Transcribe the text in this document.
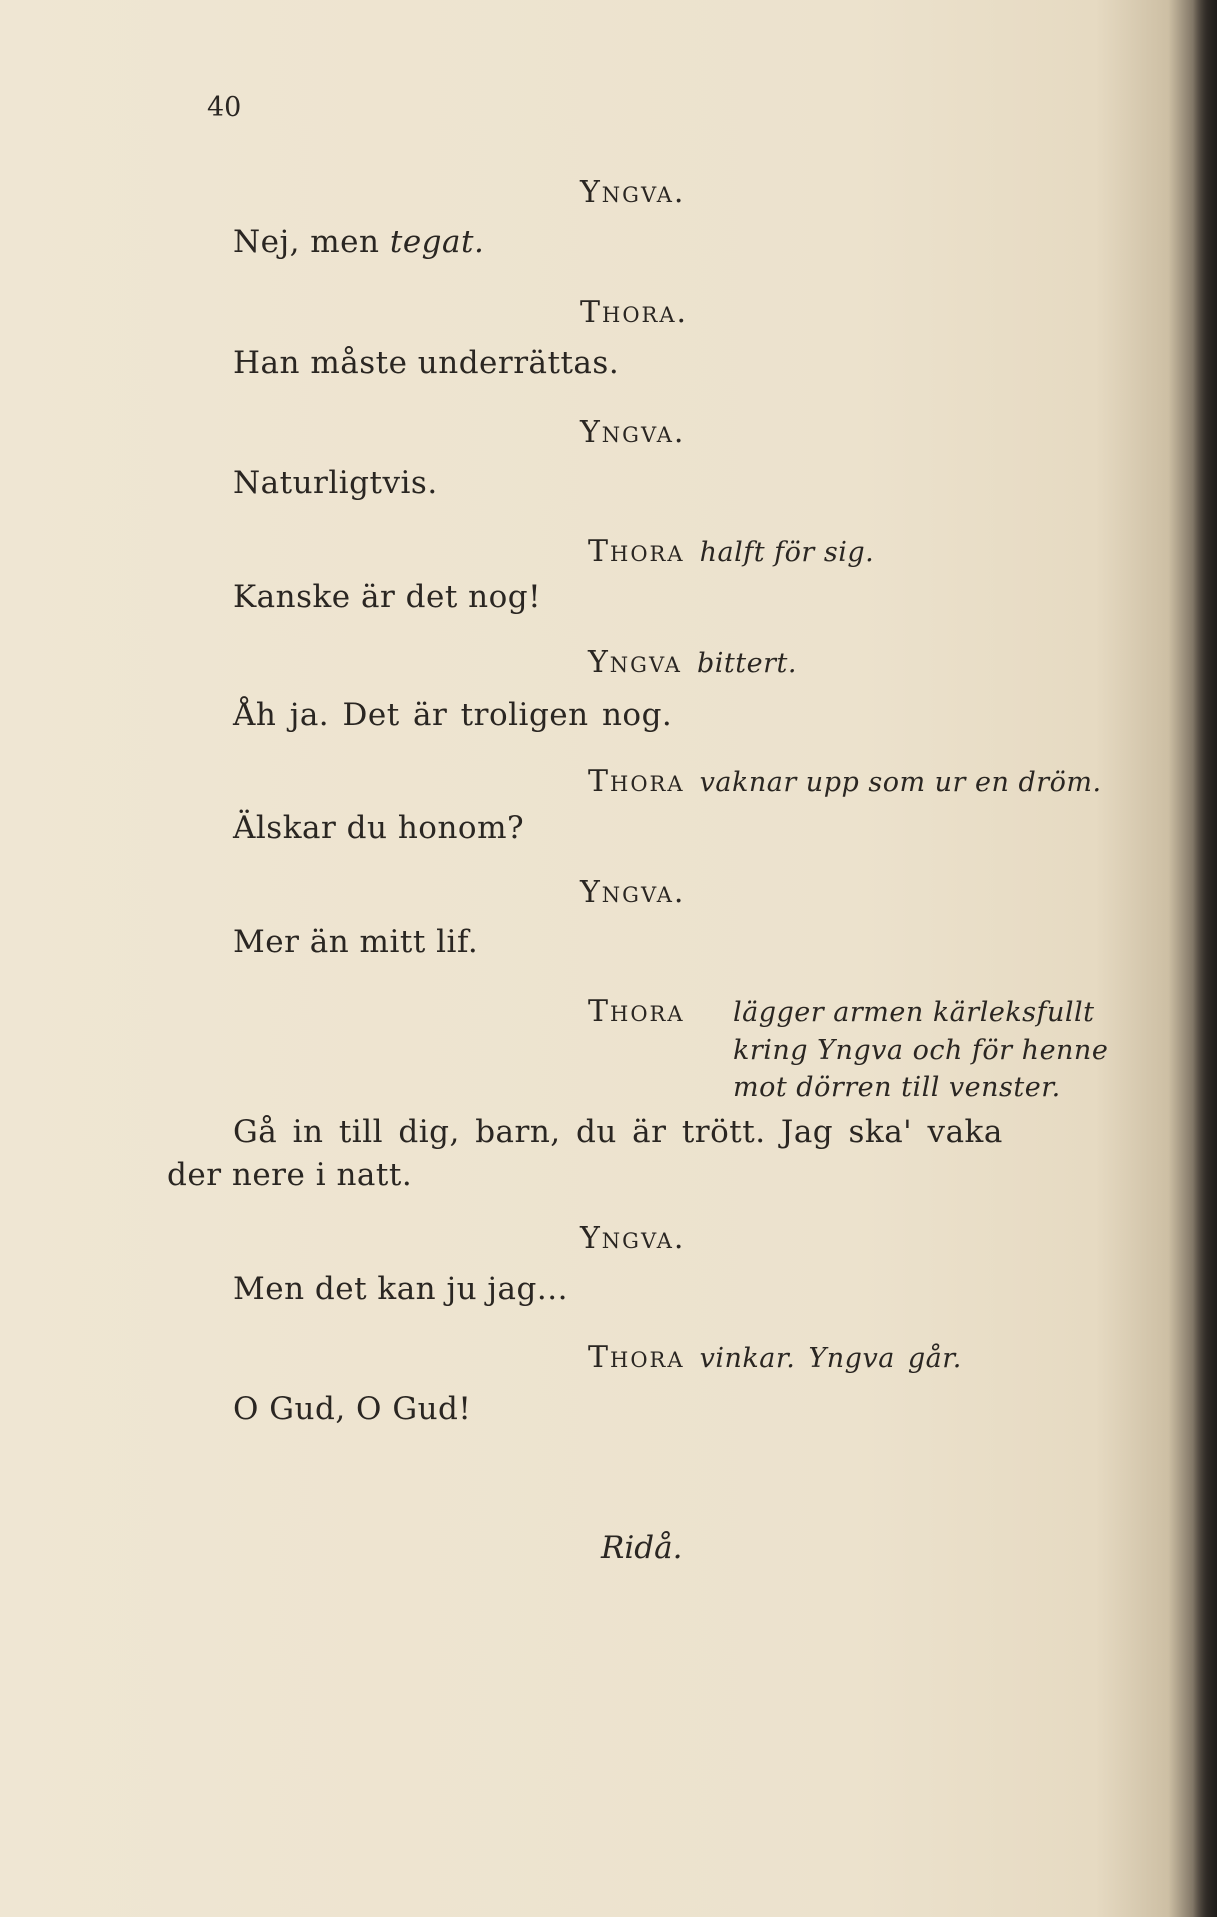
40
Yngva.
Nej, men tegat.
Thora.
Han måste underrättas.
Yngva.
Naturligtvis.
Thora halft för sig.
Kanske är det nog!
Yngva bittert.
Åh ja. Det är troligen nog.
Thora vaknar upp som ur en dröm.
Älskar du honom?
Yngva.
Mer än mitt lif.
Thora lägger armen kärleksfullt
kring Yngva och för henne
mot dörren till venster.
Gå in till dig, barn, du är trött. Jag ska' vaka
der nere i natt.
Yngva.
Men det kan ju jag...
Thora vinkar. Yngva går.
O Gud, O Gud!
Ridå.
